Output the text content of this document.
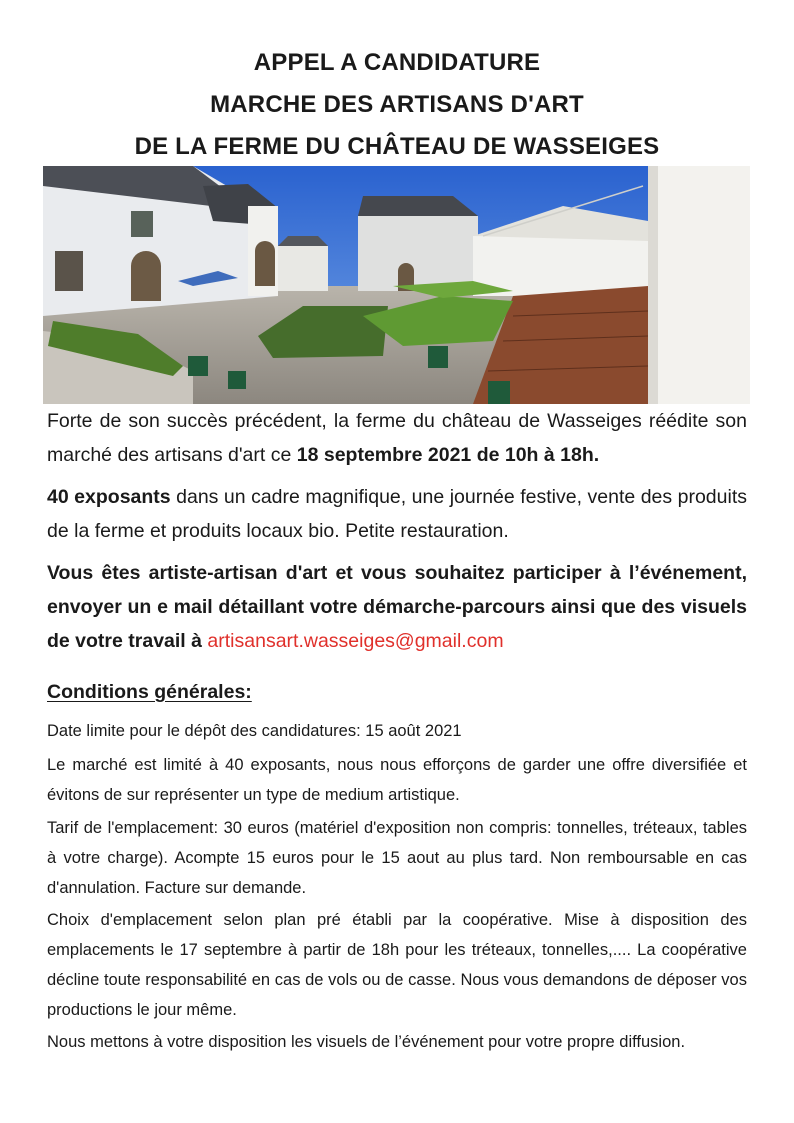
APPEL A CANDIDATURE
MARCHE DES ARTISANS D'ART
DE LA FERME DU CHÂTEAU DE WASSEIGES

Forte de son succès précédent, la ferme du château de Wasseiges réédite son marché des artisans d'art ce 18 septembre 2021 de 10h à 18h.

40 exposants dans un cadre magnifique, une journée festive, vente des produits de la ferme et produits locaux bio. Petite restauration.

Vous êtes artiste-artisan d'art et vous souhaitez participer à l’événement, envoyer un e mail détaillant votre démarche-parcours ainsi que des visuels de votre travail à artisansart.wasseiges@gmail.com

Conditions générales:

Date limite pour le dépôt des candidatures: 15 août 2021

Le marché est limité à 40 exposants, nous nous efforçons de garder une offre diversifiée et évitons de sur représenter un type de medium artistique.

Tarif de l'emplacement: 30 euros (matériel d'exposition non compris: tonnelles, tréteaux, tables à votre charge). Acompte 15 euros pour le 15 aout au plus tard. Non remboursable en cas d'annulation. Facture sur demande.

Choix d'emplacement selon plan pré établi par la coopérative. Mise à disposition des emplacements le 17 septembre à partir de 18h pour les tréteaux, tonnelles,.... La coopérative décline toute responsabilité en cas de vols ou de casse. Nous vous demandons de déposer vos productions le jour même.

Nous mettons à votre disposition les visuels de l’événement pour votre propre diffusion.
